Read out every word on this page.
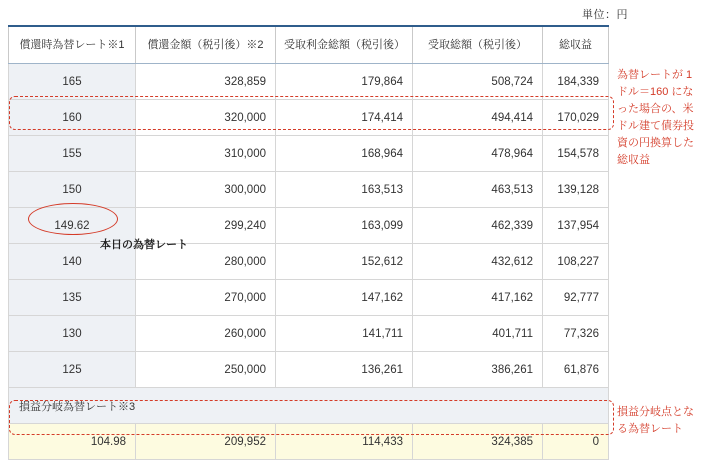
単位：円
償還時為替レート※1	償還金額（税引後）※2	受取利金総額（税引後）	受取総額（税引後）	総収益
165	328,859	179,864	508,724	184,339
160	320,000	174,414	494,414	170,029
155	310,000	168,964	478,964	154,578
150	300,000	163,513	463,513	139,128
149.62	299,240	163,099	462,339	137,954
140	280,000	152,612	432,612	108,227
135	270,000	147,162	417,162	92,777
130	260,000	141,711	401,711	77,326
125	250,000	136,261	386,261	61,876
損益分岐為替レート※3				
104.98	209,952	114,433	324,385	0
為替レートが 1 ドル＝160 になった場合の、米ドル建て債券投資の円換算した総収益
本日の為替レート
損益分岐点となる為替レート
